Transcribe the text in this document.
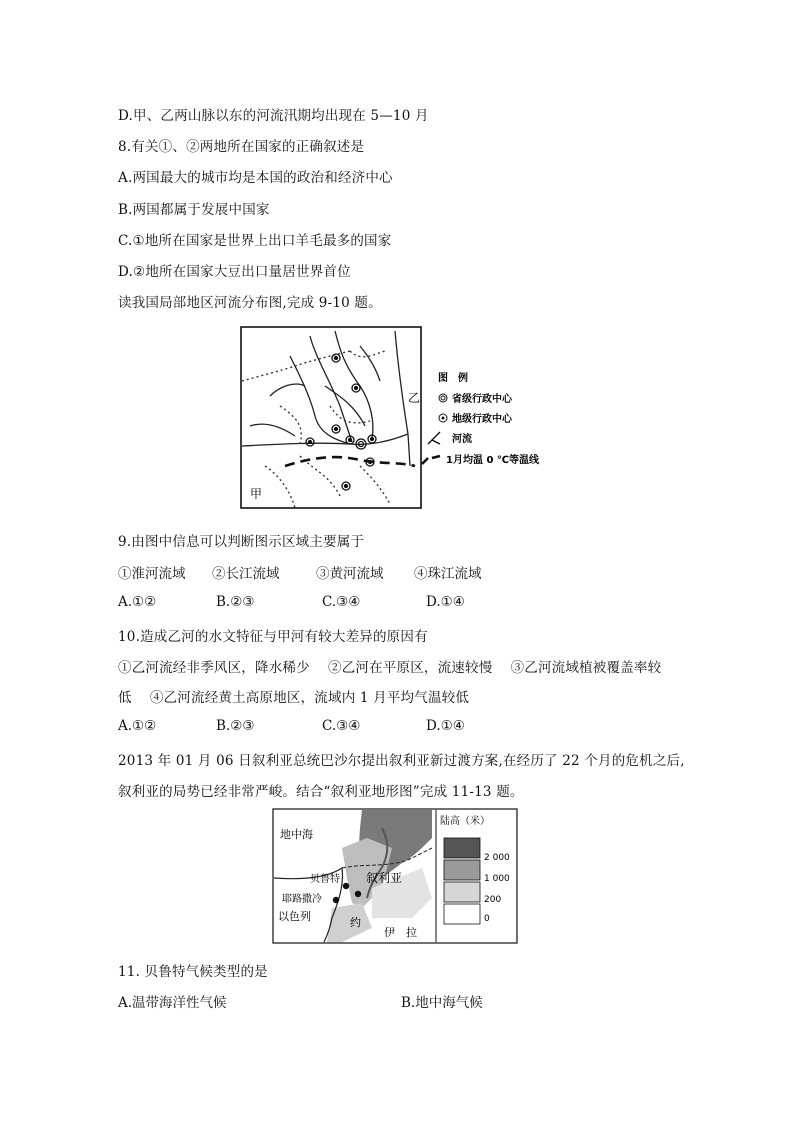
D.甲、乙两山脉以东的河流汛期均出现在 5—10 月
8.有关①、②两地所在国家的正确叙述是
A.两国最大的城市均是本国的政治和经济中心
B.两国都属于发展中国家
C.①地所在国家是世界上出口羊毛最多的国家
D.②地所在国家大豆出口量居世界首位
读我国局部地区河流分布图,完成 9-10 题。
乙
甲
图　例
省级行政中心
地级行政中心
河流
1月均温 0 ℃等温线
9.由图中信息可以判断图示区域主要属于
①淮河流域 ②长江流域	③黄河流域 ④珠江流域
A.①②	B.②③	C.③④	D.①④
10.造成乙河的水文特征与甲河有较大差异的原因有
①乙河流经非季风区，降水稀少　 ②乙河在平原区，流速较慢　 ③乙河流域植被覆盖率较
低　 ④乙河流经黄土高原地区，流域内 1 月平均气温较低
A.①②	B.②③	C.③④	D.①④
2013 年 01 月 06 日叙利亚总统巴沙尔提出叙利亚新过渡方案,在经历了 22 个月的危机之后,
叙利亚的局势已经非常严峻。结合“叙利亚地形图”完成 11-13 题。
地中海
贝鲁特 叙利亚
耶路撒冷
以色列	约
伊　拉
陆高（米）
2 000
1 000
200
0
11. 贝鲁特气候类型的是
A.温带海洋性气候	B.地中海气候
